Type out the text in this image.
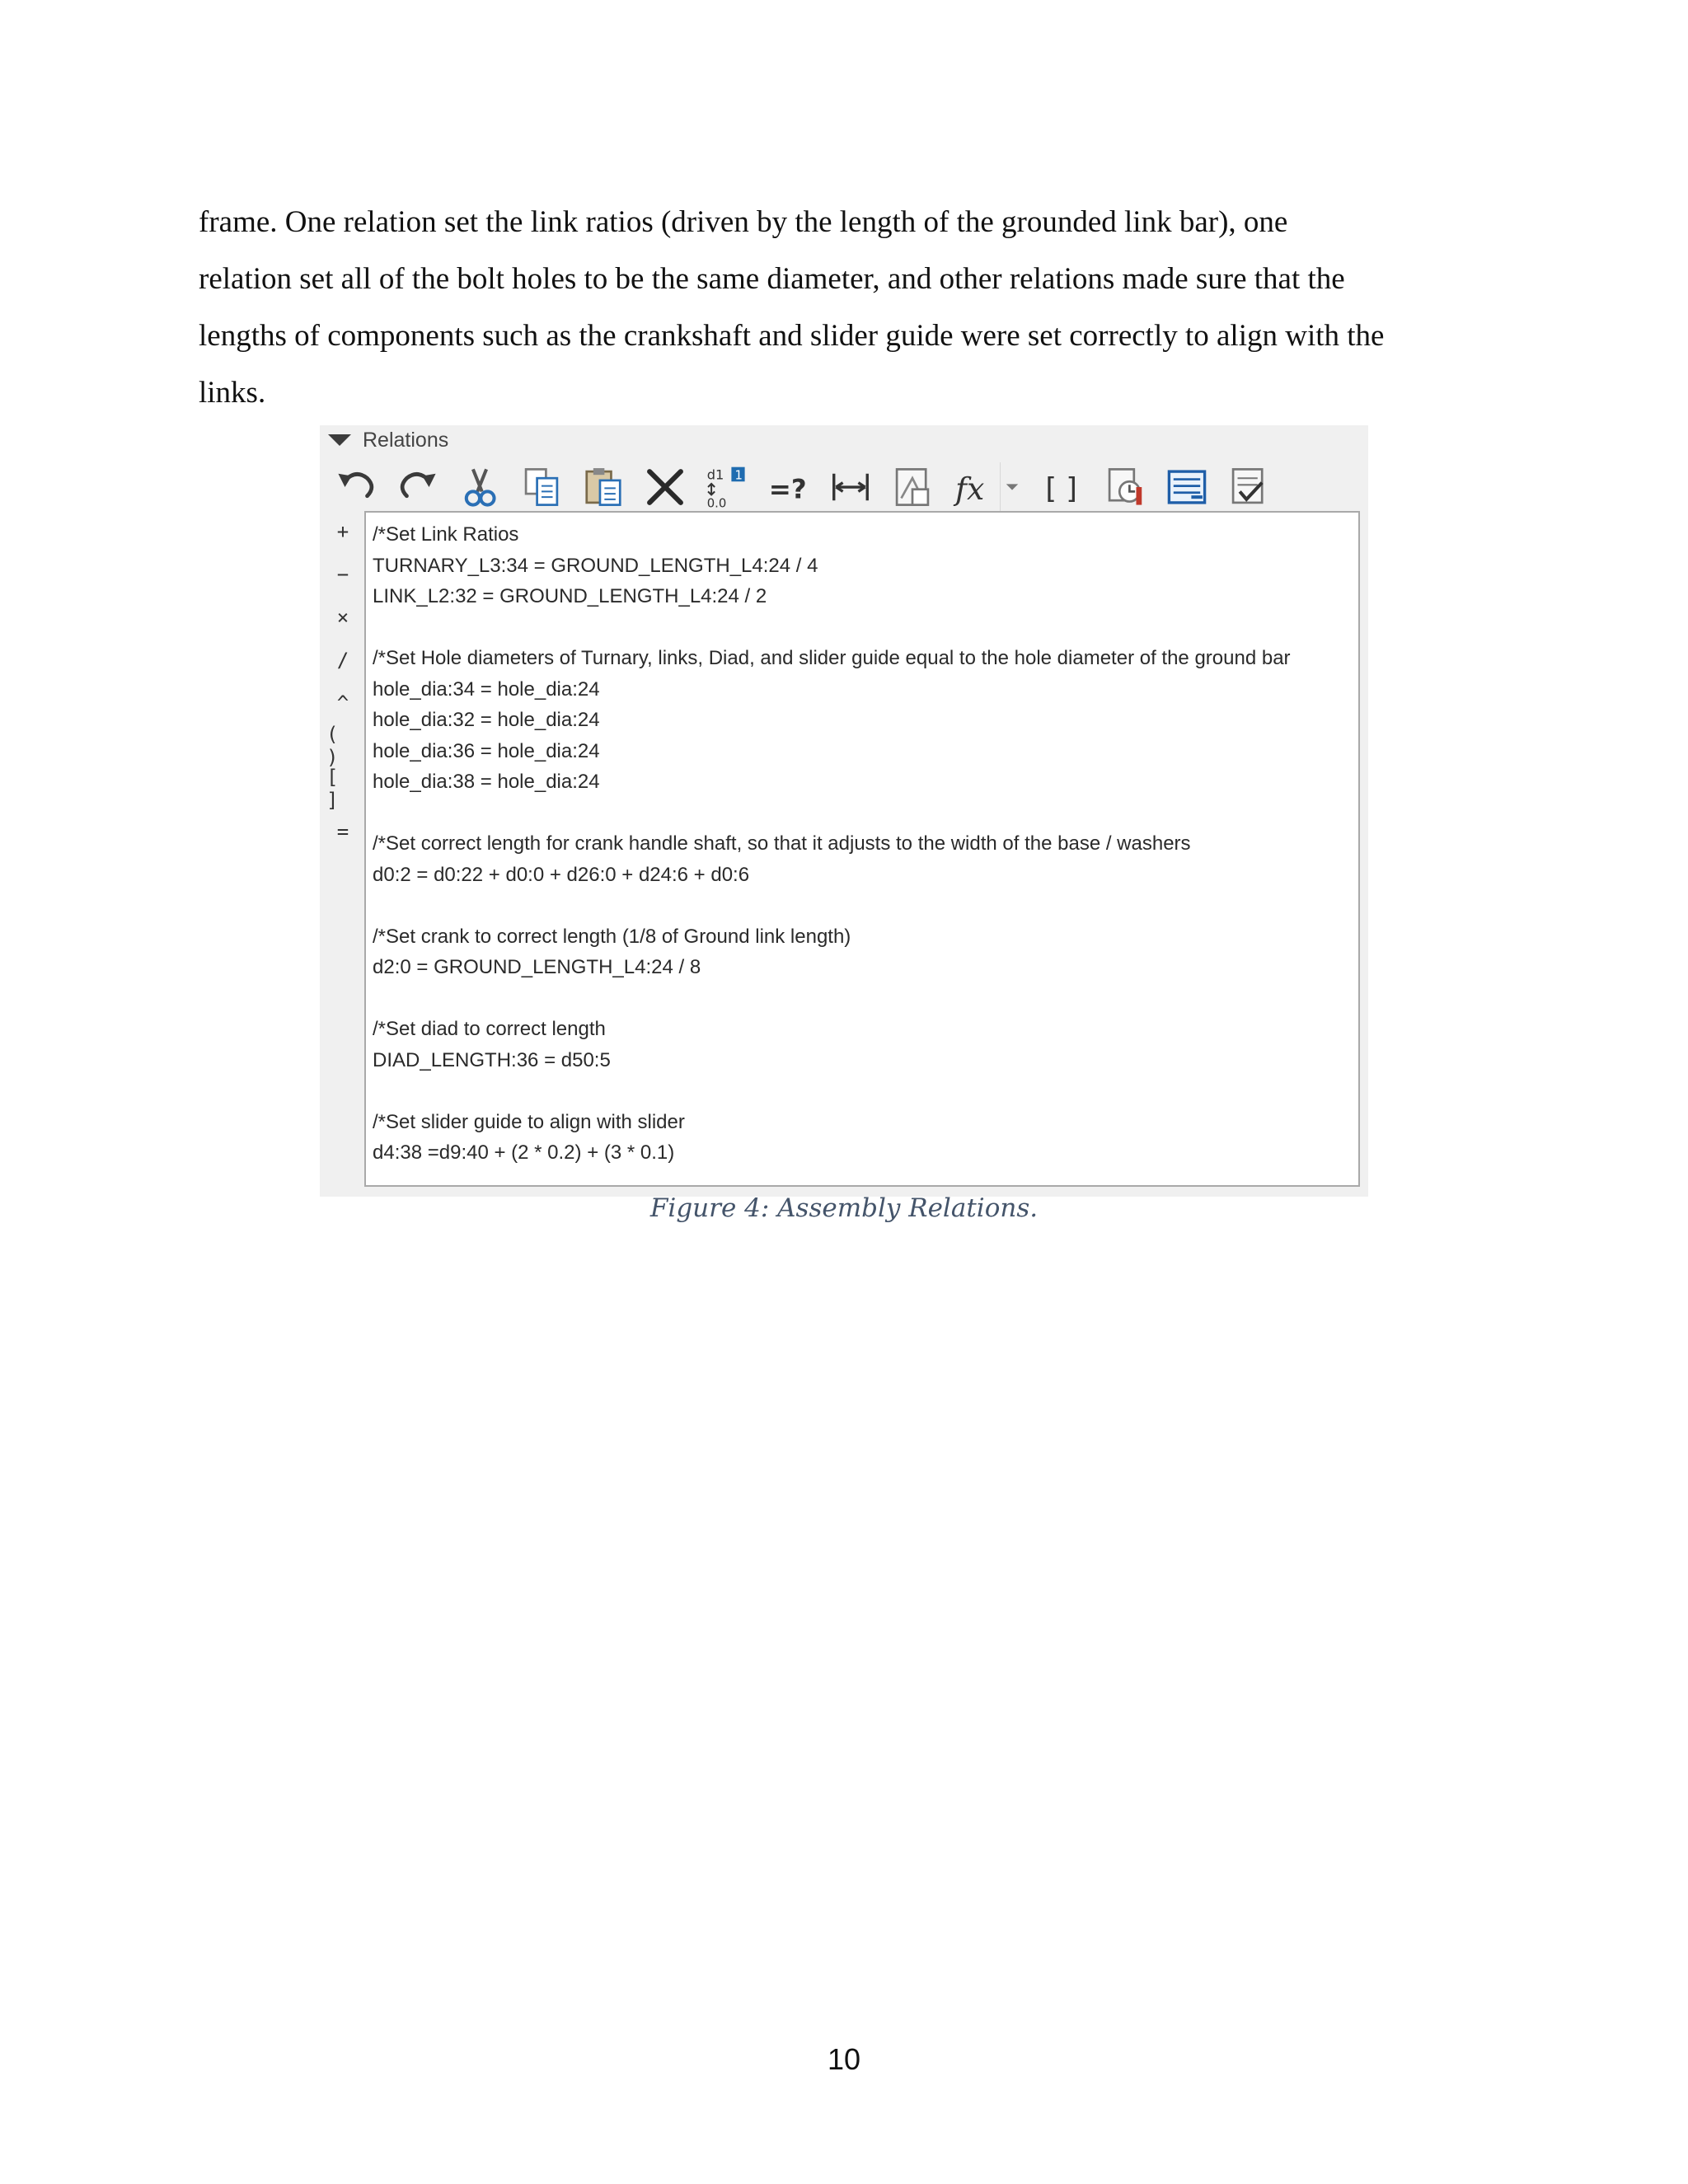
frame. One relation set the link ratios (driven by the length of the grounded link bar), one
relation set all of the bolt holes to be the same diameter, and other relations made sure that the
lengths of components such as the crankshaft and slider guide were set correctly to align with the
links.
Relations
d1 1
0.0 =?	fx	[ ]
+
−
×
/
^
( )
[ ]
=
/*Set Link Ratios
TURNARY_L3:34 = GROUND_LENGTH_L4:24 / 4
LINK_L2:32 = GROUND_LENGTH_L4:24 / 2
/*Set Hole diameters of Turnary, links, Diad, and slider guide equal to the hole diameter of the ground bar
hole_dia:34 = hole_dia:24
hole_dia:32 = hole_dia:24
hole_dia:36 = hole_dia:24
hole_dia:38 = hole_dia:24
/*Set correct length for crank handle shaft, so that it adjusts to the width of the base / washers
d0:2 = d0:22 + d0:0 + d26:0 + d24:6 + d0:6
/*Set crank to correct length (1/8 of Ground link length)
d2:0 = GROUND_LENGTH_L4:24 / 8
/*Set diad to correct length
DIAD_LENGTH:36 = d50:5
/*Set slider guide to align with slider
d4:38 =d9:40 + (2 * 0.2) + (3 * 0.1)
Figure 4: Assembly Relations.
10
